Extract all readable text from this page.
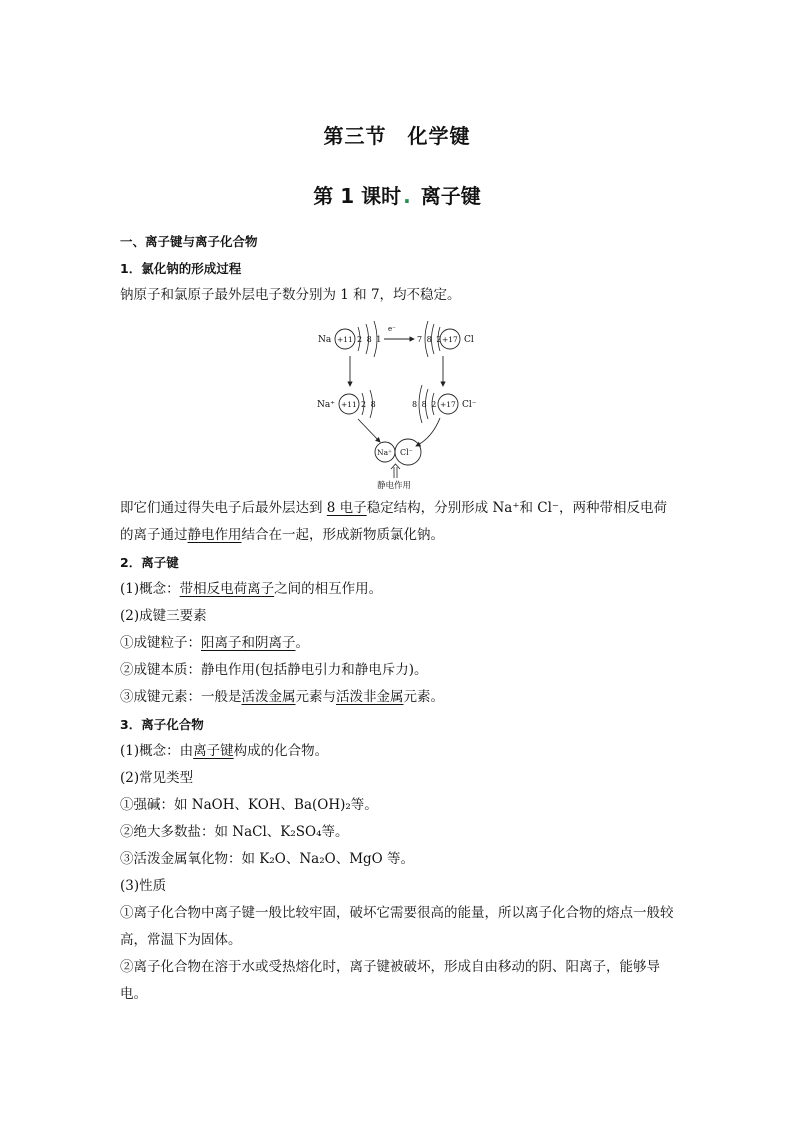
第三节　化学键
第 1 课时 . 离子键
一、离子键与离子化合物
1．氯化钠的形成过程
钠原子和氯原子最外层电子数分别为 1 和 7，均不稳定。
Na +11 2 8 1
e⁻
7 8 2 +17 Cl
Na⁺ +11 2 8	8 8 2 +17 Cl⁻
Na⁺ Cl⁻
静电作用
即它们通过得失电子后最外层达到 8 电子稳定结构，分别形成 Na⁺和 Cl⁻，两种带相反电荷
的离子通过静电作用结合在一起，形成新物质氯化钠。
2．离子键
(1)概念：带相反电荷离子之间的相互作用。
(2)成键三要素
①成键粒子：阳离子和阴离子。
②成键本质：静电作用(包括静电引力和静电斥力)。
③成键元素：一般是活泼金属元素与活泼非金属元素。
3．离子化合物
(1)概念：由离子键构成的化合物。
(2)常见类型
①强碱：如 NaOH、KOH、Ba(OH)₂等。
②绝大多数盐：如 NaCl、K₂SO₄等。
③活泼金属氧化物：如 K₂O、Na₂O、MgO 等。
(3)性质
①离子化合物中离子键一般比较牢固，破坏它需要很高的能量，所以离子化合物的熔点一般较高，常温下为固体。
②离子化合物在溶于水或受热熔化时，离子键被破坏，形成自由移动的阴、阳离子，能够导电。
